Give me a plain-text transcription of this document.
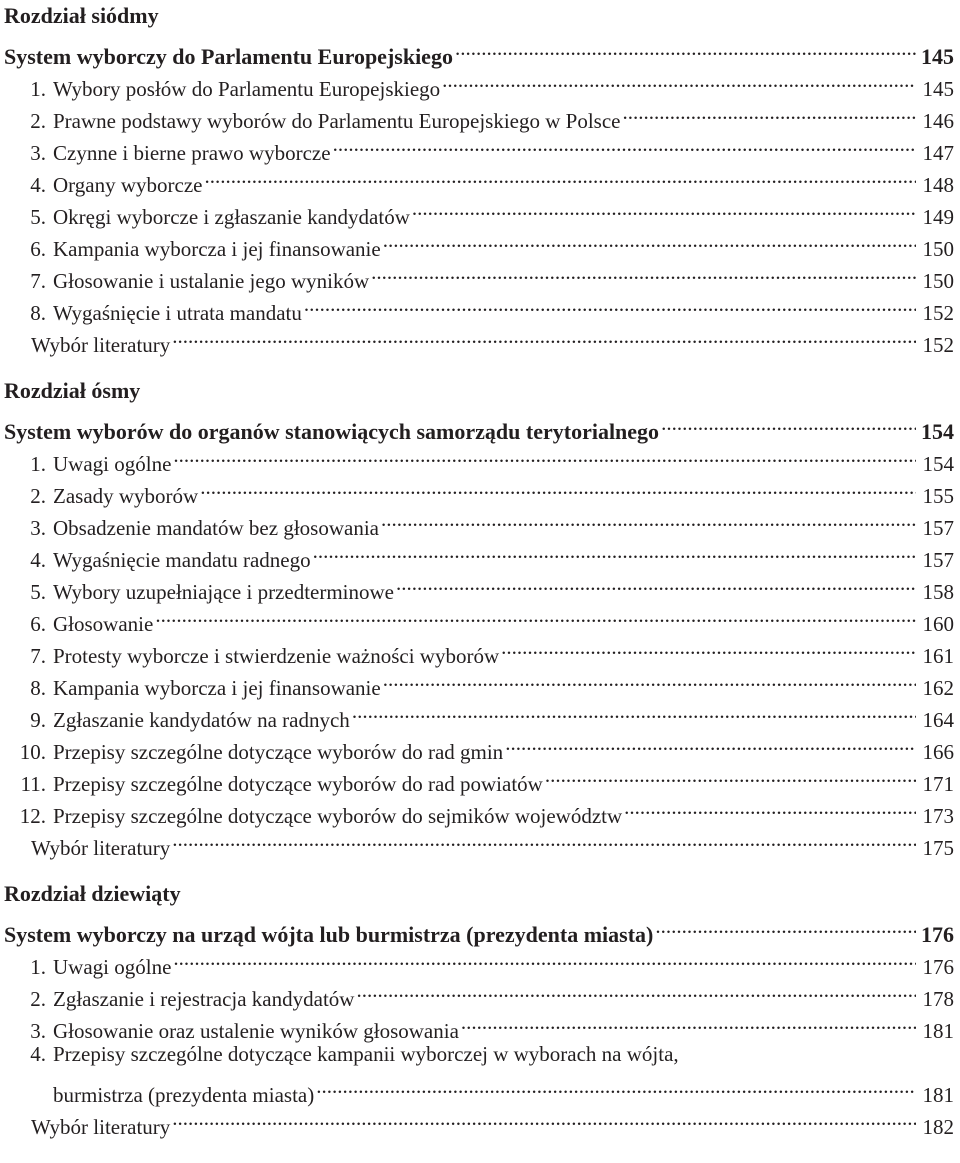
Rozdział siódmy
System wyborczy do Parlamentu Europejskiego .....	145
1. Wybory posłów do Parlamentu Europejskiego .....	145
2. Prawne podstawy wyborów do Parlamentu Europejskiego w Polsce .....	146
3. Czynne i bierne prawo wyborcze .....	147
4. Organy wyborcze .....	148
5. Okręgi wyborcze i zgłaszanie kandydatów .....	149
6. Kampania wyborcza i jej finansowanie .....	150
7. Głosowanie i ustalanie jego wyników .....	150
8. Wygaśnięcie i utrata mandatu .....	152
Wybór literatury .....	152
Rozdział ósmy
System wyborów do organów stanowiących samorządu terytorialnego .....	154
1. Uwagi ogólne .....	154
2. Zasady wyborów .....	155
3. Obsadzenie mandatów bez głosowania .....	157
4. Wygaśnięcie mandatu radnego .....	157
5. Wybory uzupełniające i przedterminowe .....	158
6. Głosowanie .....	160
7. Protesty wyborcze i stwierdzenie ważności wyborów .....	161
8. Kampania wyborcza i jej finansowanie .....	162
9. Zgłaszanie kandydatów na radnych .....	164
10. Przepisy szczególne dotyczące wyborów do rad gmin .....	166
11. Przepisy szczególne dotyczące wyborów do rad powiatów .....	171
12. Przepisy szczególne dotyczące wyborów do sejmików województw .....	173
Wybór literatury .....	175
Rozdział dziewiąty
System wyborczy na urząd wójta lub burmistrza (prezydenta miasta) .....	176
1. Uwagi ogólne .....	176
2. Zgłaszanie i rejestracja kandydatów .....	178
3. Głosowanie oraz ustalenie wyników głosowania .....	181
4. Przepisy szczególne dotyczące kampanii wyborczej w wyborach na wójta,
burmistrza (prezydenta miasta) .....	181
Wybór literatury .....	182
